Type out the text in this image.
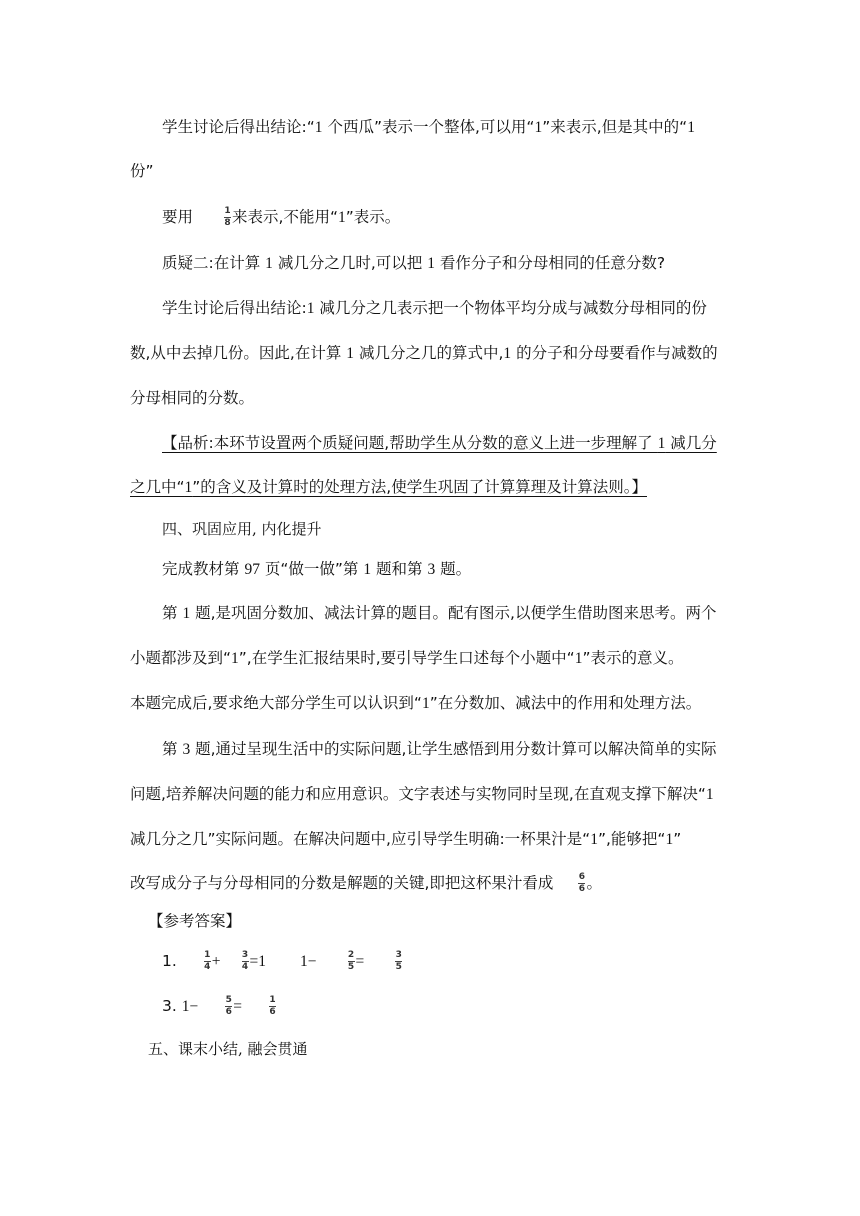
学生讨论后得出结论:“1 个西瓜”表示一个整体,可以用“1”来表示,但是其中的“1
份”
要用	$\frac{1}{8}$ 来表示,不能用“1”表示。
质疑二:在计算 1 减几分之几时,可以把 1 看作分子和分母相同的任意分数?
学生讨论后得出结论:1 减几分之几表示把一个物体平均分成与减数分母相同的份
数,从中去掉几份。因此,在计算 1 减几分之几的算式中,1 的分子和分母要看作与减数的
分母相同的分数。
【品析:本环节设置两个质疑问题,帮助学生从分数的意义上进一步理解了 1 减几分
之几中“1”的含义及计算时的处理方法,使学生巩固了计算算理及计算法则。】
四、巩固应用, 内化提升
完成教材第 97 页“做一做”第 1 题和第 3 题。
第 1 题,是巩固分数加、减法计算的题目。配有图示,以便学生借助图来思考。两个
小题都涉及到“1”,在学生汇报结果时,要引导学生口述每个小题中“1”表示的意义。
本题完成后,要求绝大部分学生可以认识到“1”在分数加、减法中的作用和处理方法。
第 3 题,通过呈现生活中的实际问题,让学生感悟到用分数计算可以解决简单的实际
问题,培养解决问题的能力和应用意识。文字表述与实物同时呈现,在直观支撑下解决“1
减几分之几”实际问题。在解决问题中,应引导学生明确:一杯果汁是“1”,能够把“1”
改写成分子与分母相同的分数是解题的关键,即把这杯果汁看成	$\frac{6}{6}$ 。
【参考答案】
1.	$\frac{1}{4} + \frac{3}{4} =1$ 1−	$\frac{2}{5}$ =	$\frac{3}{5}$
3. 1−	$\frac{5}{6}$ =	$\frac{1}{6}$
五、课末小结, 融会贯通
